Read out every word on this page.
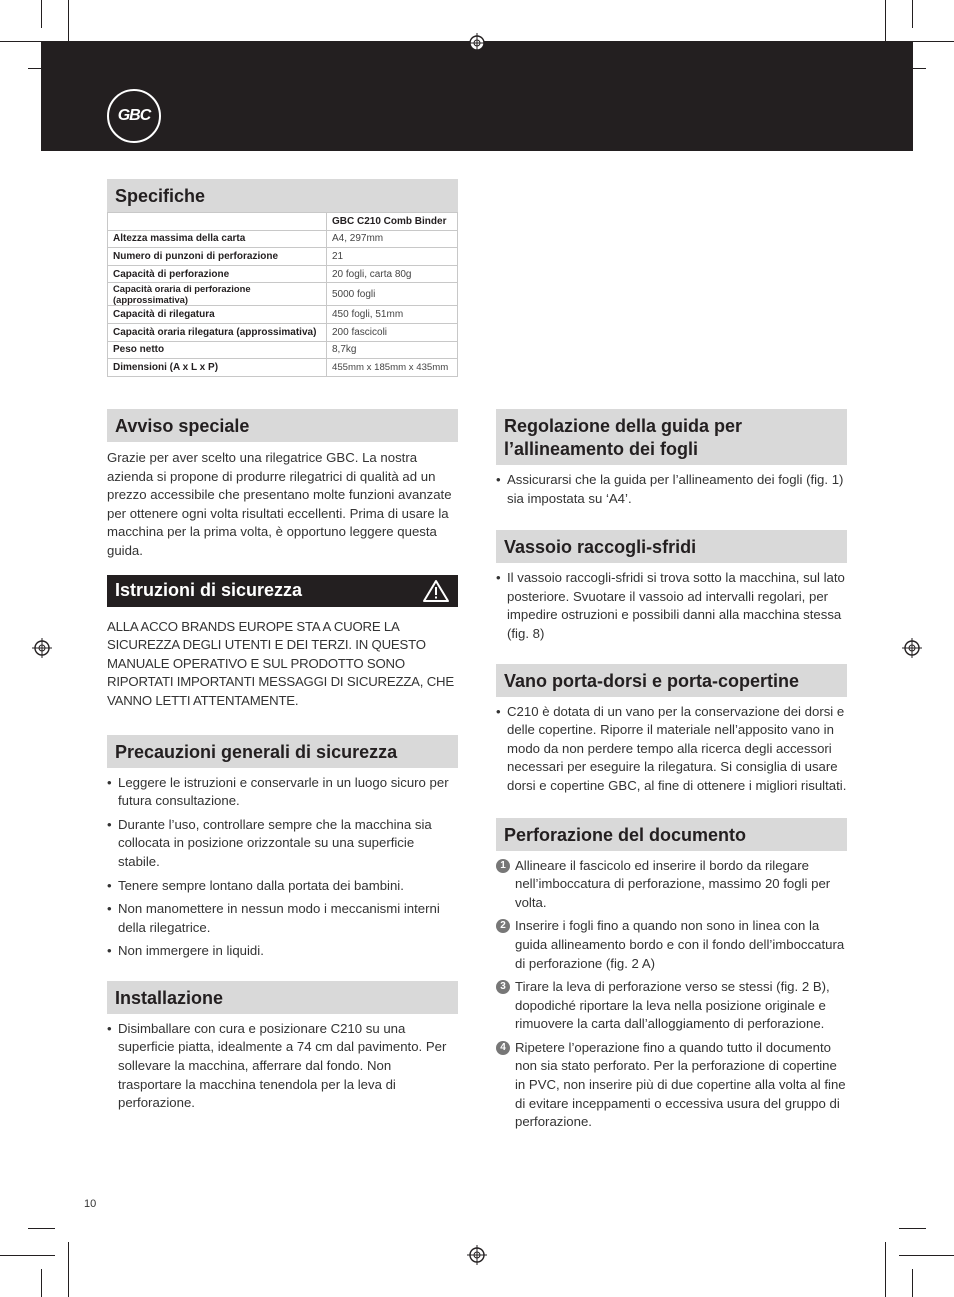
GBC
Specifiche
	GBC C210 Comb Binder
Altezza massima della carta	A4, 297mm
Numero di punzoni di perforazione	21
Capacità di perforazione	20 fogli, carta 80g
Capacità oraria di perforazione (approssimativa)	5000 fogli
Capacità di rilegatura	450 fogli, 51mm
Capacità oraria rilegatura (approssimativa)	200 fascicoli
Peso netto	8,7kg
Dimensioni (A x L x P)	455mm x 185mm x 435mm
Avviso speciale
Grazie per aver scelto una rilegatrice GBC. La nostra azienda si propone di produrre rilegatrici di qualità ad un prezzo accessibile che presentano molte funzioni avanzate per ottenere ogni volta risultati eccellenti. Prima di usare la macchina per la prima volta, è opportuno leggere questa guida.
Istruzioni di sicurezza
ALLA ACCO BRANDS EUROPE STA A CUORE LA SICUREZZA DEGLI UTENTI E DEI TERZI. IN QUESTO MANUALE OPERATIVO E SUL PRODOTTO SONO RIPORTATI IMPORTANTI MESSAGGI DI SICUREZZA, CHE VANNO LETTI ATTENTAMENTE.
Precauzioni generali di sicurezza
• Leggere le istruzioni e conservarle in un luogo sicuro per futura consultazione.
• Durante l’uso, controllare sempre che la macchina sia collocata in posizione orizzontale su una superficie stabile.
• Tenere sempre lontano dalla portata dei bambini.
• Non manomettere in nessun modo i meccanismi interni della rilegatrice.
• Non immergere in liquidi.
Installazione
• Disimballare con cura e posizionare C210 su una superficie piatta, idealmente a 74 cm dal pavimento. Per sollevare la macchina, afferrare dal fondo. Non trasportare la macchina tenendola per la leva di perforazione.
Regolazione della guida per
l’allineamento dei fogli
• Assicurarsi che la guida per l’allineamento dei fogli (fig. 1) sia impostata su ‘A4’.
Vassoio raccogli-sfridi
• Il vassoio raccogli-sfridi si trova sotto la macchina, sul lato posteriore. Svuotare il vassoio ad intervalli regolari, per impedire ostruzioni e possibili danni alla macchina stessa (fig. 8)
Vano porta-dorsi e porta-copertine
• C210 è dotata di un vano per la conservazione dei dorsi e delle copertine. Riporre il materiale nell’apposito vano in modo da non perdere tempo alla ricerca degli accessori necessari per eseguire la rilegatura. Si consiglia di usare dorsi e copertine GBC, al fine di ottenere i migliori risultati.
Perforazione del documento
1 Allineare il fascicolo ed inserire il bordo da rilegare nell’imboccatura di perforazione, massimo 20 fogli per volta.
2 Inserire i fogli fino a quando non sono in linea con la guida allineamento bordo e con il fondo dell’imboccatura di perforazione (fig. 2 A)
3 Tirare la leva di perforazione verso se stessi (fig. 2 B), dopodiché riportare la leva nella posizione originale e rimuovere la carta dall’alloggiamento di perforazione.
4 Ripetere l’operazione fino a quando tutto il documento non sia stato perforato. Per la perforazione di copertine in PVC, non inserire più di due copertine alla volta al fine di evitare inceppamenti o eccessiva usura del gruppo di perforazione.
10
